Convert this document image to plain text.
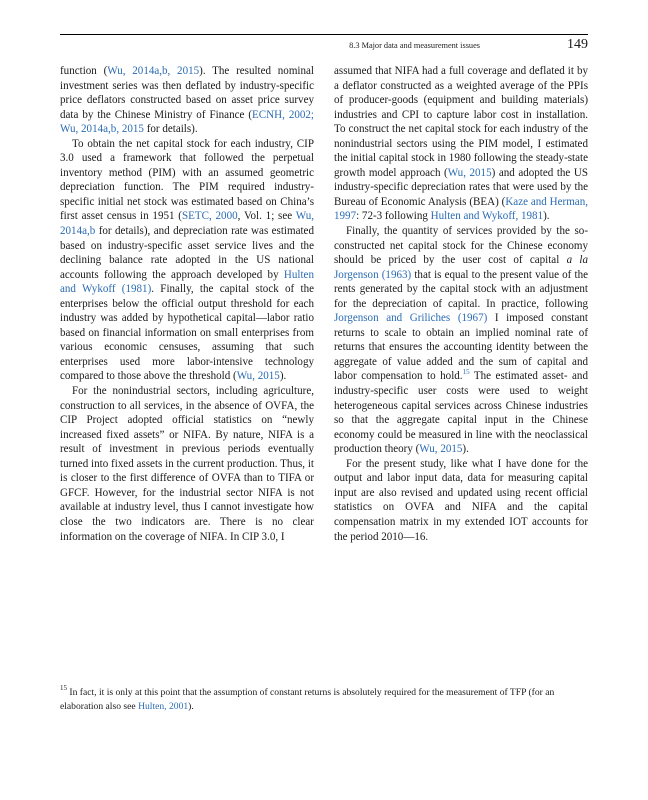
8.3 Major data and measurement issues	149

function (Wu, 2014a,b, 2015). The resulted nominal investment series was then deflated by industry-specific price deflators constructed based on asset price survey data by the Chinese Ministry of Finance (ECNH, 2002; Wu, 2014a,b, 2015 for details).

To obtain the net capital stock for each industry, CIP 3.0 used a framework that followed the perpetual inventory method (PIM) with an assumed geometric depreciation function. The PIM required industry-specific initial net stock was estimated based on China’s first asset census in 1951 (SETC, 2000, Vol. 1; see Wu, 2014a,b for details), and depreciation rate was estimated based on industry-specific asset service lives and the declining balance rate adopted in the US national accounts following the approach developed by Hulten and Wykoff (1981). Finally, the capital stock of the enterprises below the official output threshold for each industry was added by hypothetical capital—labor ratio based on financial information on small enterprises from various economic censuses, assuming that such enterprises used more labor-intensive technology compared to those above the threshold (Wu, 2015).

For the nonindustrial sectors, including agriculture, construction to all services, in the absence of OVFA, the CIP Project adopted official statistics on “newly increased fixed assets” or NIFA. By nature, NIFA is a result of investment in previous periods eventually turned into fixed assets in the current production. Thus, it is closer to the first difference of OVFA than to TIFA or GFCF. However, for the industrial sector NIFA is not available at industry level, thus I cannot investigate how close the two indicators are. There is no clear information on the coverage of NIFA. In CIP 3.0, I

assumed that NIFA had a full coverage and deflated it by a deflator constructed as a weighted average of the PPIs of producer-goods (equipment and building materials) industries and CPI to capture labor cost in installation. To construct the net capital stock for each industry of the nonindustrial sectors using the PIM model, I estimated the initial capital stock in 1980 following the steady-state growth model approach (Wu, 2015) and adopted the US industry-specific depreciation rates that were used by the Bureau of Economic Analysis (BEA) (Kaze and Herman, 1997: 72-3 following Hulten and Wykoff, 1981).

Finally, the quantity of services provided by the so-constructed net capital stock for the Chinese economy should be priced by the user cost of capital a la Jorgenson (1963) that is equal to the present value of the rents generated by the capital stock with an adjustment for the depreciation of capital. In practice, following Jorgenson and Griliches (1967) I imposed constant returns to scale to obtain an implied nominal rate of returns that ensures the accounting identity between the aggregate of value added and the sum of capital and labor compensation to hold.$^{15}$ The estimated asset- and industry-specific user costs were used to weight heterogeneous capital services across Chinese industries so that the aggregate capital input in the Chinese economy could be measured in line with the neoclassical production theory (Wu, 2015).

For the present study, like what I have done for the output and labor input data, data for measuring capital input are also revised and updated using recent official statistics on OVFA and NIFA and the capital compensation matrix in my extended IOT accounts for the period 2010—16.

$^{15}$ In fact, it is only at this point that the assumption of constant returns is absolutely required for the measurement of TFP (for an elaboration also see Hulten, 2001).
